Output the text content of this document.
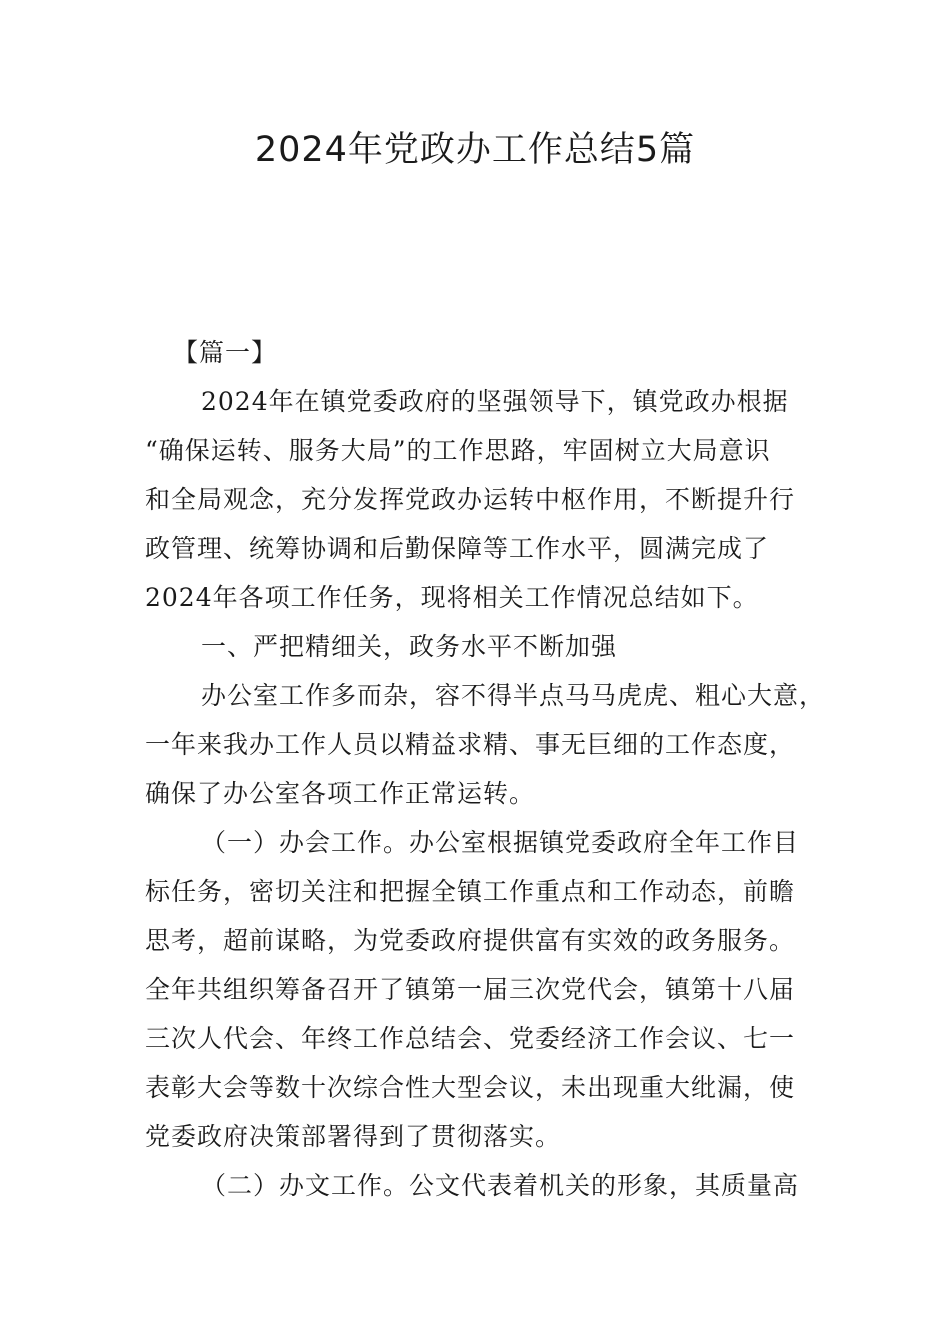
2024年党政办工作总结5篇
【篇一】
2024年在镇党委政府的坚强领导下，镇党政办根据
“确保运转、服务大局”的工作思路，牢固树立大局意识
和全局观念，充分发挥党政办运转中枢作用，不断提升行
政管理、统筹协调和后勤保障等工作水平，圆满完成了
2024年各项工作任务，现将相关工作情况总结如下。
一、严把精细关，政务水平不断加强
办公室工作多而杂，容不得半点马马虎虎、粗心大意，
一年来我办工作人员以精益求精、事无巨细的工作态度，
确保了办公室各项工作正常运转。
（一）办会工作。办公室根据镇党委政府全年工作目
标任务，密切关注和把握全镇工作重点和工作动态，前瞻
思考，超前谋略，为党委政府提供富有实效的政务服务。
全年共组织筹备召开了镇第一届三次党代会，镇第十八届
三次人代会、年终工作总结会、党委经济工作会议、七一
表彰大会等数十次综合性大型会议，未出现重大纰漏，使
党委政府决策部署得到了贯彻落实。
（二）办文工作。公文代表着机关的形象，其质量高
